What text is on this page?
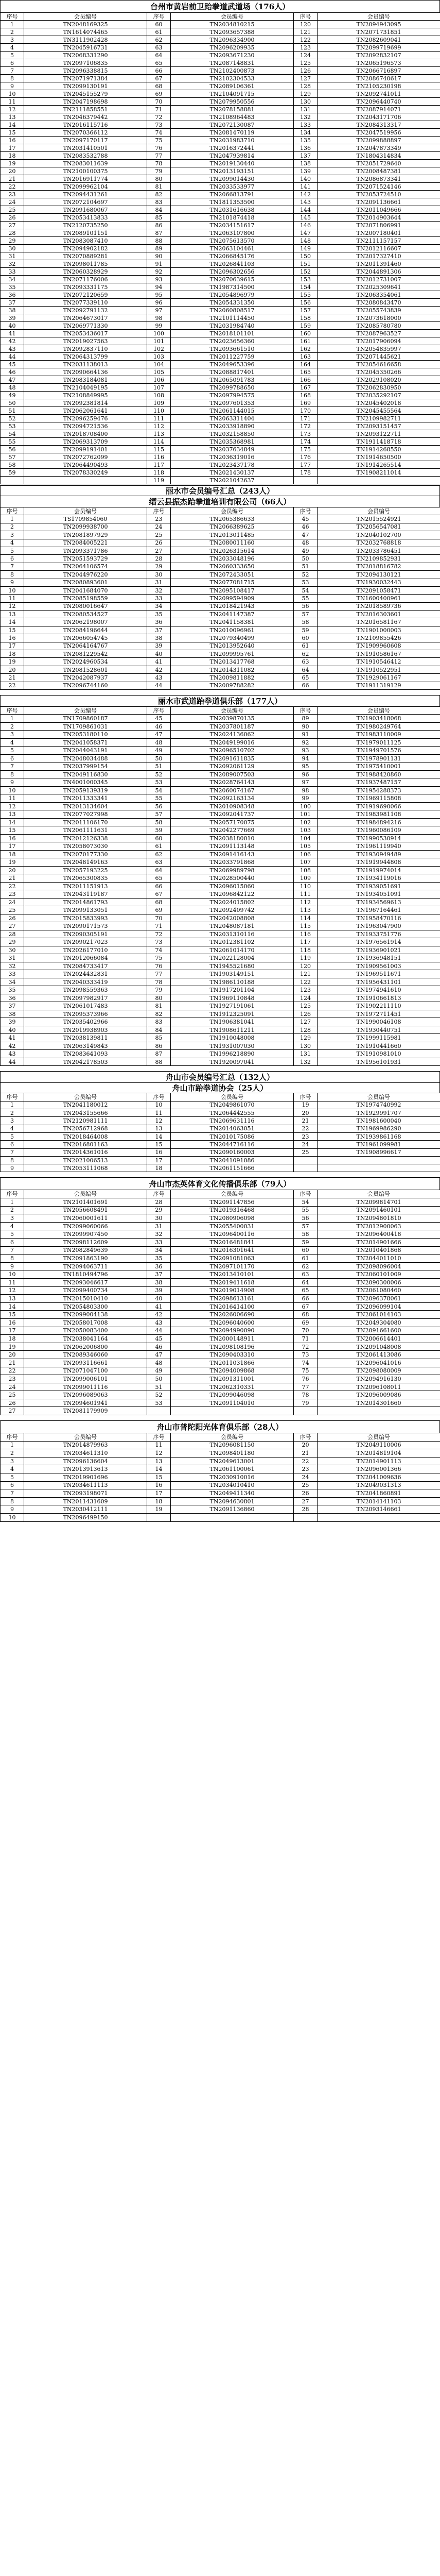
台州市黄岩前卫跆拳道武道场（176人）
序号	会员编号	序号	会员编号	序号	会员编号
1	TN2048169325	60	TN2034810215	120	TN2094943095
2	TN1614074465	61	TN2093657388	121	TN2071731851
3	TN3111902428	62	TN2096334900	122	TN2082609041
4	TN2045916731	63	TN2096209935	123	TN2099719699
5	TN2068331290	64	TN2093671230	124	TN2092832107
6	TN2097106835	65	TN2087148831	125	TN2065196573
7	TN2096338815	66	TN2102400873	126	TN2066716897
8	TN2071971384	67	TN2102304533	127	TN2086740617
9	TN2099130191	68	TN2089106361	128	TN2105230198
10	TN2045155279	69	TN2104091715	129	TN2092741011
11	TN2047198698	70	TN2079950556	130	TN2096440740
12	TN2111858551	71	TN2078158881	131	TN2087914071
13	TN2046379442	72	TN2108964483	132	TN2043171706
14	TN2016115716	73	TN2072130087	133	TN2084313317
15	TN2070366112	74	TN2081470119	134	TN2047519956
16	TN2097170117	75	TN2031983710	135	TN2099888897
17	TN2031410501	76	TN2016372441	136	TN2047873349
18	TN2083532788	77	TN2047939814	137	TN1804314834
19	TN2083011639	78	TN2019130440	138	TN2051729640
20	TN2100100375	79	TN2013193151	139	TN2008487381
21	TN2016911774	80	TN2099014430	140	TN2086873341
22	TN2099962104	81	TN2033533977	141	TN2071524146
23	TN2094431261	82	TN2066813791	142	TN2053724510
24	TN2072104697	83	TN1811353500	143	TN2091136661
25	TN2091680067	84	TN2031616638	144	TN2011049666
26	TN2053413833	85	TN2101874418	145	TN2014903644
27	TN2120735250	86	TN2034151617	146	TN2071806991
28	TN2089101151	87	TN2063107800	147	TN2007180401
29	TN2083087410	88	TN2075613570	148	TN2111157157
30	TN2094902182	89	TN2063104461	149	TN2012116607
31	TN2070889281	90	TN2066845176	150	TN2017327410
32	TN2098011785	91	TN2026841103	151	TN2011391460
33	TN2060328929	92	TN2096302656	152	TN2044891306
34	TN2071176006	93	TN2070639615	153	TN2012731007
35	TN2093331175	94	TN1987314500	154	TN2025309641
36	TN2072120659	95	TN2054896979	155	TN2063354061
37	TN2077339110	96	TN2054331350	156	TN2080843470
38	TN2092791132	97	TN2060808517	157	TN2055743839
39	TN2064673017	98	TN2101114450	158	TN2073618000
40	TN2069771330	99	TN2031984740	159	TN2085780780
41	TN2053436017	100	TN2018101101	160	TN2087963527
42	TN2019027563	101	TN2023656360	161	TN2017906094
43	TN2092837110	102	TN2093661510	162	TN2054835997
44	TN2064313799	103	TN2011227759	163	TN2071445621
45	TN2031138013	104	TN2049653396	164	TN2054616658
46	TN2090664136	105	TN2088817401	165	TN2045350266
47	TN2083184081	106	TN2065091783	166	TN2029108020
48	TN2104049195	107	TN2099788650	167	TN2062830950
49	TN2108849995	108	TN2097994575	168	TN2035292107
50	TN2092381814	109	TN2097601353	169	TN2045402018
51	TN2062061641	110	TN2061144015	170	TN2045455564
52	TN2096259476	111	TN2063311404	171	TN2109982711
53	TN2094721536	112	TN2033918890	172	TN2093151457
54	TN2018708400	113	TN2032158850	173	TN2093122711
55	TN2069313709	114	TN2035368981	174	TN1911418718
56	TN2099191401	115	TN2037634849	175	TN1914268550
57	TN2072762099	116	TN2036319016	176	TN1914650500
58	TN2064490493	117	TN2023437178	177	TN1914265514
59	TN2078330249	118	TN2021430137	178	TN1908211014
		119	TN2021042637		
丽水市会员编号汇总（243人）
缙云县振杰跆拳道培训有限公司（66人）
序号	会员编号	序号	会员编号	序号	会员编号
1	TS1709854060	23	TN2065386633	45	TN2015524921
2	TN2099938700	24	TN2066389625	46	TN2056547081
3	TN2081897929	25	TN2013011485	47	TN2040102700
4	TN2084005221	26	TN2080011160	48	TN2032768818
5	TN2093371786	27	TN2026315614	49	TN2033786451
6	TN2051593729	28	TN2033048196	50	TN2109852931
7	TN2064106574	29	TN2060333650	51	TN2018816782
8	TN2044976220	30	TN2072433051	52	TN2094130121
9	TN2080893601	31	TN2077081715	53	TN1930032443
10	TN2041684070	32	TN2095108417	54	TN2091058471
11	TN2085198559	33	TN2099594909	55	TN1600400961
12	TN2080016647	34	TN2018421943	56	TN2018589736
13	TN2080534527	35	TN2041147387	57	TN2016303601
14	TN2062198007	36	TN2041158381	58	TN2016581167
15	TN2084196644	37	TN2010096961	59	TN1901000003
16	TN2066054745	38	TN2079340499	60	TN2109855426
17	TN2064164767	39	TN2013952640	61	TN1909960608
18	TN2081229542	40	TN2099995761	62	TN1910586167
19	TN2024960534	41	TN2013417768	63	TN1910546412
20	TN2081528601	42	TN2014311082	64	TN1910522951
21	TN2042087937	43	TN2009811882	65	TN1929061167
22	TN2096744160	44	TN2009788282	66	TN1911319129
丽水市武道跆拳道俱乐部（177人）
序号	会员编号	序号	会员编号	序号	会员编号
1	TN1709860187	45	TN2039870135	89	TN1903418068
2	TN1709861031	46	TN2037801187	90	TN1980249764
3	TN2053180110	47	TN2024136062	91	TN1983110009
4	TN2041058371	48	TN2049199016	92	TN1979011125
5	TN2044043191	49	TN2096510702	93	TN1949701576
6	TN2048034488	50	TN2091611835	94	TN1978901131
7	TN2037999154	51	TN2092061129	95	TN1975410001
8	TN2049116830	52	TN2089007503	96	TN1988420860
9	TN4001000345	53	TN2028764143	97	TN1937487157
10	TN2059139319	54	TN2060074167	98	TN1954288373
11	TN2011333341	55	TN2092163134	99	TN1969115808
12	TN2013134604	56	TN2010908348	100	TN1919690066
13	TN2077027998	57	TN2092041737	101	TN1983981108
14	TN2011106170	58	TN2057170075	102	TN1984894216
15	TN2061111631	59	TN2042277669	103	TN1960086109
16	TN2012126338	60	TN2038180010	104	TN1990530914
17	TN2058073030	61	TN2091113148	105	TN1961119940
18	TN2070177330	62	TN2091416143	106	TN1930949489
19	TN2048149163	63	TN2033791868	107	TN1919944808
20	TN2057193225	64	TN2069989798	108	TN1919974014
21	TN2065300835	65	TN2028500440	109	TN1934119016
22	TN2011151913	66	TN2096015060	110	TN1939051691
23	TN2043119187	67	TN2096842122	111	TN1934051091
24	TN2014861793	68	TN2024015802	112	TN1934569613
25	TN2099133051	69	TN2092409742	113	TN1967164461
26	TN2015833993	70	TN2042008808	114	TN1958470116
27	TN2090171573	71	TN2048087181	115	TN1963047900
28	TN2090305191	72	TN2031310116	116	TN1933751776
29	TN2090217023	73	TN2012381102	117	TN1976561914
30	TN2026177010	74	TN2061014170	118	TN1936901021
31	TN2012066084	75	TN2022128004	119	TN1936948151
32	TN2084733417	76	TN1945521680	120	TN1909561003
33	TN2024432831	77	TN1903149151	121	TN1969511671
34	TN2040333419	78	TN1986110188	122	TN1956431101
35	TN2098559363	79	TN1917201104	123	TN1974941610
36	TN2097982917	80	TN1969110848	124	TN1910661813
37	TN2061017483	81	TN1927191061	125	TN1902211110
38	TN2095373966	82	TN1912325091	126	TN1972711451
39	TN2035402966	83	TN1906381041	127	TN1990046108
40	TN2019938903	84	TN1908611211	128	TN1930440751
41	TN2038139811	85	TN1910048008	129	TN1999115981
42	TN2063149843	86	TN1931007030	130	TN1910441660
43	TN2083641093	87	TN1996218890	131	TN1910981010
44	TN2042178503	88	TN1920097041	132	TN1956101931
舟山市会员编号汇总（132人）
舟山市跆拳道协会（25人）
序号	会员编号	序号	会员编号	序号	会员编号
1	TN2041180012	10	TN2049861070	19	TN1974740992
2	TN2043155666	11	TN2064442555	20	TN1929991707
3	TN2120981111	12	TN2069631116	21	TN1981600040
4	TN2056712968	13	TN2014063051	22	TN1969986290
5	TN2018464008	14	TN2010175086	23	TN1939861168
6	TN2016801163	15	TN2044716116	24	TN1961099981
7	TN2014361016	16	TN2090160003	25	TN1908996617
8	TN2021006513	17	TN2041091086		
9	TN2053111068	18	TN2061151666		
舟山市杰英体育文化传播俱乐部（79人）
序号	会员编号	序号	会员编号	序号	会员编号
1	TN2101401691	28	TN2091147856	54	TN2099814701
2	TN2056608491	29	TN2019316468	55	TN2091460101
3	TN2060001611	30	TN2080906098	56	TN2094801810
4	TN2099060066	31	TN2055400031	57	TN2012900063
5	TN2099907450	32	TN2096400116	58	TN2096400418
6	TN2098112609	33	TN2016481841	59	TN2014901666
7	TN2082849639	34	TN2016301641	60	TN2010401868
8	TN2091863190	35	TN2091081063	61	TN2044011010
9	TN2094063711	36	TN2097101170	62	TN2098096004
10	TN1810494796	37	TN2013410101	63	TN2060101009
11	TN2093046617	38	TN2019411618	64	TN2090300006
12	TN2099400734	39	TN2019014908	65	TN2061080460
13	TN2015010410	40	TN2098613161	66	TN2096378061
14	TN2054803300	41	TN2016414100	67	TN2096099104
15	TN2099004138	42	TN2026006690	68	TN2061014103
16	TN2058017008	43	TN2096040600	69	TN2049304080
17	TN2050083400	44	TN2094990090	70	TN2091661600
18	TN2038041164	45	TN2000148911	71	TN2006614401
19	TN2062006800	46	TN2098108196	72	TN2091048008
20	TN2089346060	47	TN2090403310	73	TN2061413086
21	TN2093116661	48	TN2011031866	74	TN2096041016
22	TN2071047100	49	TN2094009868	75	TN2098080009
23	TN2099006101	50	TN2091311001	76	TN2094916130
24	TN2099011116	51	TN2062310331	77	TN2096108011
25	TN2096089063	52	TN2099046098	78	TN2096009086
26	TN2094601941	53	TN2091104010	79	TN2014301660
27	TN2081179909				
舟山市普陀阳光体育俱乐部（28人）
序号	会员编号	序号	会员编号	序号	会员编号
1	TN2014879963	11	TN2096081150	20	TN2049110006
2	TN2034611310	12	TN2098401180	21	TN2014819104
3	TN2096136604	13	TN2049613001	22	TN2014901113
4	TN2013913613	14	TN2061100061	23	TN2096001366
5	TN2019901696	15	TN2030910016	24	TN2041009636
6	TN2034611113	16	TN2034010410	25	TN2049031313
7	TN2093198071	17	TN2049411340	26	TN2041860891
8	TN2011431609	18	TN2094630801	27	TN2014141103
9	TN2030412111	19	TN2091136860	28	TN2093146661
10	TN2096499150				
